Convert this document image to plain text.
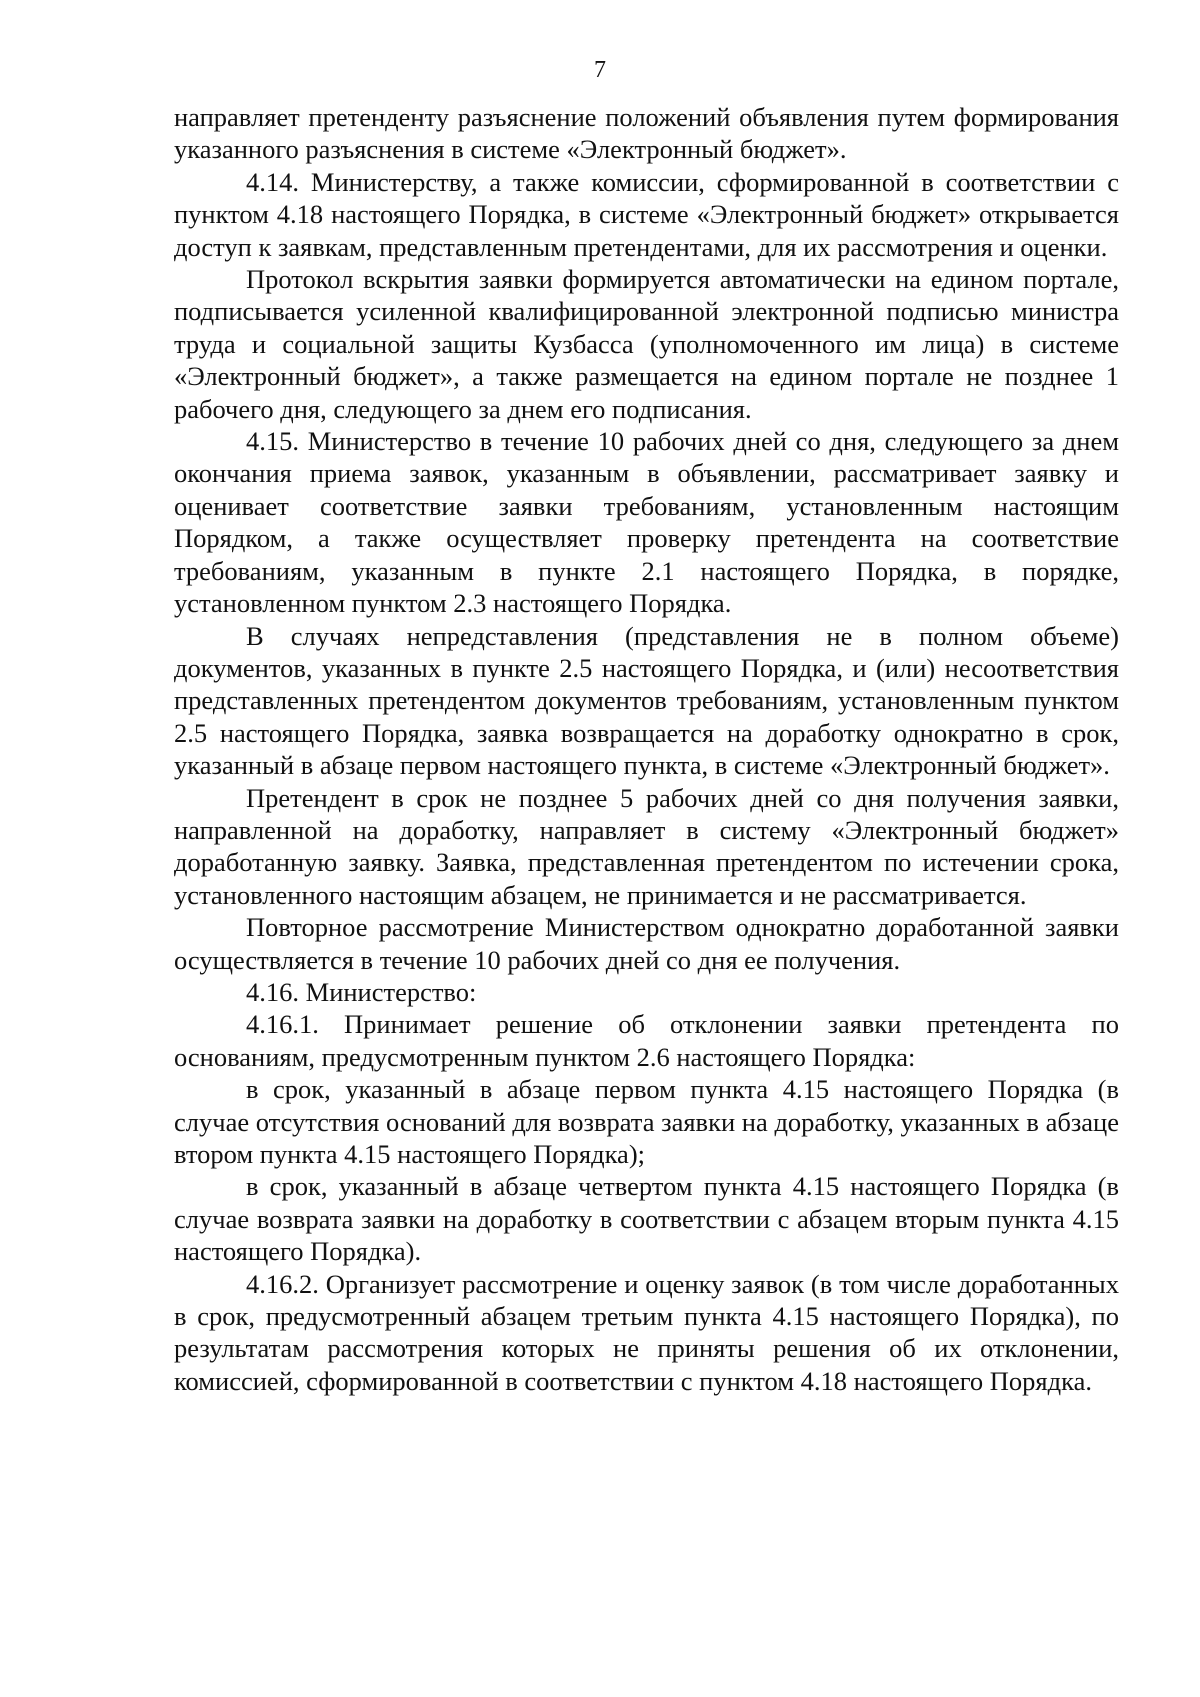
7

направляет претенденту разъяснение положений объявления путем формирования указанного разъяснения в системе «Электронный бюджет».

4.14. Министерству, а также комиссии, сформированной в соответствии с пунктом 4.18 настоящего Порядка, в системе «Электронный бюджет» открывается доступ к заявкам, представленным претендентами, для их рассмотрения и оценки.

Протокол вскрытия заявки формируется автоматически на едином портале, подписывается усиленной квалифицированной электронной подписью министра труда и социальной защиты Кузбасса (уполномоченного им лица) в системе «Электронный бюджет», а также размещается на едином портале не позднее 1 рабочего дня, следующего за днем его подписания.

4.15. Министерство в течение 10 рабочих дней со дня, следующего за днем окончания приема заявок, указанным в объявлении, рассматривает заявку и оценивает соответствие заявки требованиям, установленным настоящим Порядком, а также осуществляет проверку претендента на соответствие требованиям, указанным в пункте 2.1 настоящего Порядка, в порядке, установленном пунктом 2.3 настоящего Порядка.

В случаях непредставления (представления не в полном объеме) документов, указанных в пункте 2.5 настоящего Порядка, и (или) несоответствия представленных претендентом документов требованиям, установленным пунктом 2.5 настоящего Порядка, заявка возвращается на доработку однократно в срок, указанный в абзаце первом настоящего пункта, в системе «Электронный бюджет».

Претендент в срок не позднее 5 рабочих дней со дня получения заявки, направленной на доработку, направляет в систему «Электронный бюджет» доработанную заявку. Заявка, представленная претендентом по истечении срока, установленного настоящим абзацем, не принимается и не рассматривается.

Повторное рассмотрение Министерством однократно доработанной заявки осуществляется в течение 10 рабочих дней со дня ее получения.

4.16. Министерство:

4.16.1. Принимает решение об отклонении заявки претендента по основаниям, предусмотренным пунктом 2.6 настоящего Порядка:

в срок, указанный в абзаце первом пункта 4.15 настоящего Порядка (в случае отсутствия оснований для возврата заявки на доработку, указанных в абзаце втором пункта 4.15 настоящего Порядка);

в срок, указанный в абзаце четвертом пункта 4.15 настоящего Порядка (в случае возврата заявки на доработку в соответствии с абзацем вторым пункта 4.15 настоящего Порядка).

4.16.2. Организует рассмотрение и оценку заявок (в том числе доработанных в срок, предусмотренный абзацем третьим пункта 4.15 настоящего Порядка), по результатам рассмотрения которых не приняты решения об их отклонении, комиссией, сформированной в соответствии с пунктом 4.18 настоящего Порядка.
